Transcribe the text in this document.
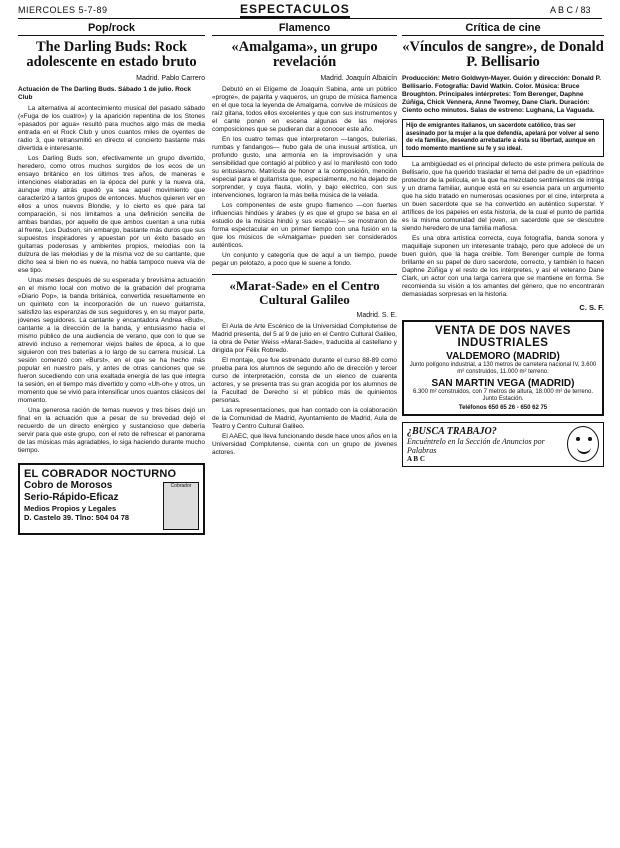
MIERCOLES 5-7-89	ESPECTACULOS	A B C / 83
Pop/rock
The Darling Buds: Rock adolescente en estado bruto
Madrid. Pablo Carrero
Actuación de The Darling Buds. Sábado 1 de julio. Rock Club

La alternativa al acontecimiento musical del pasado sábado («Fuga de los cuatro») y la aparición repentina de los Stones «pasados por agua» resultó para muchos algo más de media entrada en el Rock Club y unos cuantos miles de oyentes de radio 3, que retransmitió en directo el concierto bastante más divertida e interesante.

Los Darling Buds son, efectivamente un grupo divertido, heredero, como otros muchos surgidos de los ecos de un ensayo británico en los últimos tres años, de maneras e intenciones elaboradas en la época del punk y la nueva ola, aunque muy atrás quedó ya sea aquel movimiento que caracterizó a tantos grupos de entonces. Muchos quieren ver en ellos a unos nuevos Blondie, y lo cierto es que para tal comparación, si nos limitamos a una definición sencilla de ambas bandas, por aquello de que ambos cuentan a una rubia al frente, Los Dudson, sin embargo, bastante más duros que sus supuestos inspiradores y apuestan por un éxito basado en guitarras poderosas y ambientes propios, melodías con la dulzura de las melodías y de la misma voz de su cantante, que dicho sea si bien no es nueva, no habla tampoco nueva vía de ese tipo.

Unas meses después de su esperada y brevísima actuación en el mismo local con motivo de la grabación del programa «Diario Pop», la banda británica, convertida resueltamente en un quinteto con la incorporación de un nuevo guitarrista, satisfizo las esperanzas de sus seguidores y, en su mayor parte, jóvenes seguidores. La cantante y encantadora Andrea «Bud», cantante a la dirección de la banda, y entusiasmo hacia el mismo público de una audiencia de verano, que con lo que se atrevió incluso a rememorar viejos bailes de época, a lo que siguieron con tres baterías a lo largo de su carrera musical. La sesión comenzó con «Burst», en el que se ha hecho más popular en nuestro país, y antes de otras canciones que se fueron sucediendo con una exaltada energía de las que integra la sesión, en el tiempo más divertido y como «Uh-oh» y otros, un momento que se vivió para intensificar unos cuantos clásicos del momento.

Una generosa ración de temas nuevos y tres bises dejó un final en la actuación que a pesar de su brevedad dejó el recuerdo de un directo enérgico y sustancioso que debería servir para que este grupo, con el reto de refrescar el panorama de las músicas más agradables, lo siga haciendo durante mucho tiempo.

EL COBRADOR NOCTURNO
Cobro de Morosos
Serio-Rápido-Eficaz
Medios Propios y Legales
D. Castelo 39. Tlno: 504 04 78
Cobrador
Flamenco
«Amalgama», un grupo revelación
Madrid. Joaquín Albaicín

Debutó en el Elígeme de Joaquín Sabina, ante un público «progre», de pajarita y vaqueros, un grupo de música flamenca en el que toca la leyenda de Amalgama, convive de músicos de raíz gitana, todos ellos excelentes y que con sus instrumentos y el cante ponen en escena algunas de las mejores composiciones que se pudieran dar a conocer este año.

En los cuatro temas que interpretaron —tangos, bulerías, rumbas y fandangos— hubo gala de una inusual artística, un profundo gusto, una armonía en la improvisación y una sensibilidad que contagió al público y así lo manifestó con todo su entusiasmo. Matrícula de honor a la composición, mención especial para el guitarrista que, especialmente, no ha dejado de sorprender, y cuya flauta, violín, y bajo eléctrico, con sus intervenciones, lograron la más bella música de la velada.

Los componentes de este grupo flamenco —con fuertes influencias hindúes y árabes (y es que el grupo se basa en el estudio de la música hindú y sus escalas)— se mostraron de forma espectacular en un primer tiempo con una fusión en la que los músicos de «Amalgama» pueden ser considerados auténticos.

Un conjunto y categoría que de aquí a un tiempo, puede pegar un pelotazo, a poco que le suene a fondo.

«Marat-Sade» en el Centro Cultural Galileo
Madrid. S. E.

El Aula de Arte Escénico de la Universidad Complutense de Madrid presenta, del 5 al 9 de julio en el Centro Cultural Galileo, la obra de Peter Weiss «Marat-Sade», traducida al castellano y dirigida por Félix Robredo.

El montaje, que fue estrenado durante el curso 88-89 como prueba para los alumnos de segundo año de dirección y tercer curso de interpretación, consta de un elenco de cuarenta actores, y se presenta tras su gran acogida por los alumnos de la Facultad de Derecho si el público más de quinientos personas.

Las representaciones, que han contado con la colaboración de la Comunidad de Madrid, Ayuntamiento de Madrid, Aula de Teatro y Centro Cultural Galileo.

El AAEC, que lleva funcionando desde hace unos años en la Universidad Complutense, cuenta con un grupo de jóvenes actores.

Crítica de cine
«Vínculos de sangre», de Donald P. Bellisario
Producción: Metro Goldwyn-Mayer. Guión y dirección: Donald P. Bellisario. Fotografía: David Watkin. Color. Música: Bruce Broughton. Principales intérpretes: Tom Berenger, Daphne Zúñiga, Chick Vennera, Anne Twomey, Dane Clark. Duración: Ciento ocho minutos. Salas de estreno: Lughana, La Vaguada.
Hijo de emigrantes italianos, un sacerdote católico, tras ser asesinado por la mujer a la que defendía, apelará por volver al seno de «la familia», deseando arrebatarle a ésta su libertad, aunque en todo momento mantiene su fe y su ideal.

La ambigüedad es el principal defecto de este primera película de Bellisario, que ha querido trasladar el tema del padre de un «padrino» protector de la película, en la que ha mezclado sentimientos de intriga y un drama familiar, aunque está en su esencia para un argumento que ha sido tratado en numerosas ocasiones por el cine, interpreta a un buen sacerdote que se ha convertido en auténtico superstar. Y artífices de los papeles en esta historia, de la cual el punto de partida es la misma comunidad del joven, un sacerdote que se descubre siendo heredero de una familia mafiosa.

Es una obra artística correcta, cuya fotografía, banda sonora y maquillaje suponen un interesante trabajo, pero que adolece de un buen guión, que la haga creíble. Tom Berenger cumple de forma brillante en su papel de duro sacerdote, correcto, y también lo hacen Daphne Zúñiga y el resto de los intérpretes, y así el veterano Dane Clark, un actor con una larga carrera que se mantiene en forma. Se recomienda su visión a los amantes del género, que no encontrarán demasiadas sorpresas en la historia.

C. S. F.
VENTA DE DOS NAVES INDUSTRIALES
VALDEMORO (MADRID)
Junto polígono industrial, a 130 metros de carretera nacional IV, 3.600 m² construidos, 11.000 m² terreno.
SAN MARTIN VEGA (MADRID)
6.300 m² construidos, con 7 metros de altura, 18.000 m² de terreno. Junto Estación.
Teléfonos 650 65 26 - 650 62 75
¿BUSCA TRABAJO?
Encuéntrelo en la Sección de Anuncios por Palabras
A B C
